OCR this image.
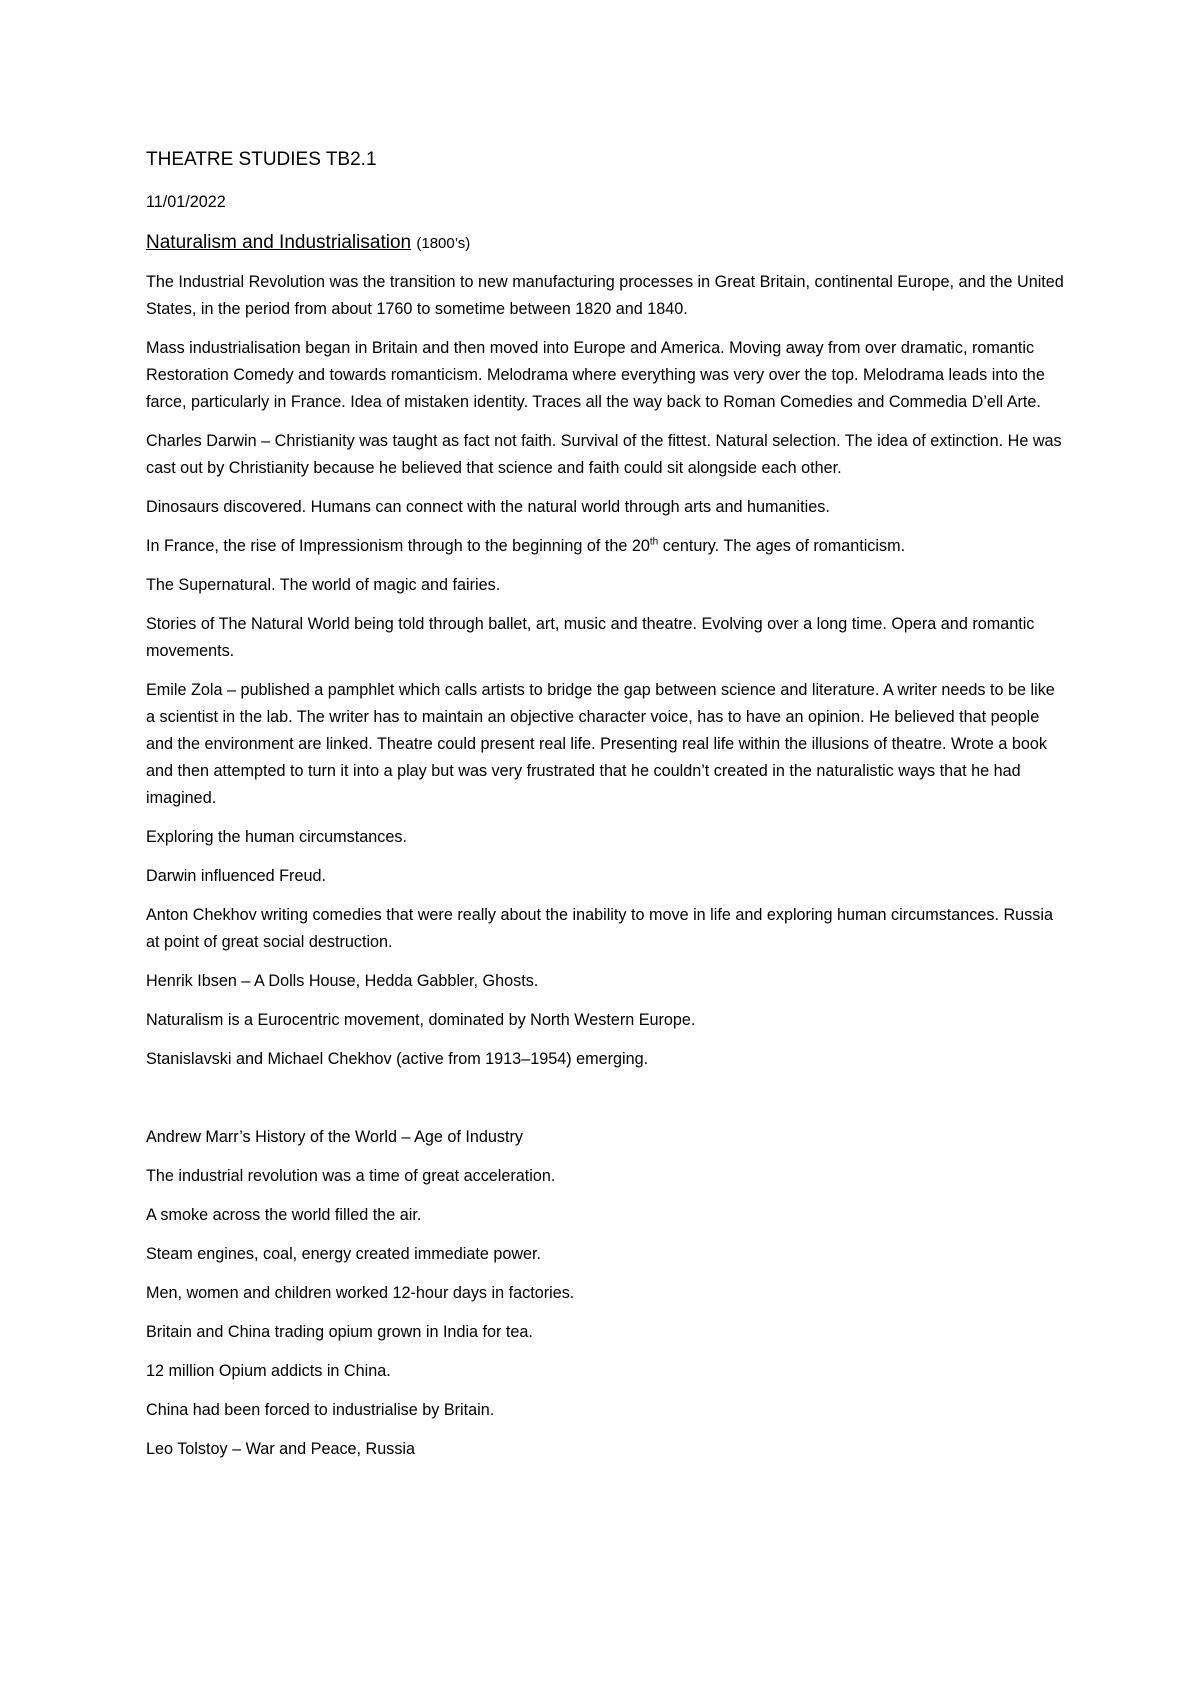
THEATRE STUDIES TB2.1
11/01/2022
Naturalism and Industrialisation (1800’s)

The Industrial Revolution was the transition to new manufacturing processes in Great Britain, continental Europe, and the United States, in the period from about 1760 to sometime between 1820 and 1840.

Mass industrialisation began in Britain and then moved into Europe and America. Moving away from over dramatic, romantic Restoration Comedy and towards romanticism. Melodrama where everything was very over the top. Melodrama leads into the farce, particularly in France. Idea of mistaken identity. Traces all the way back to Roman Comedies and Commedia D’ell Arte.

Charles Darwin – Christianity was taught as fact not faith. Survival of the fittest. Natural selection. The idea of extinction. He was cast out by Christianity because he believed that science and faith could sit alongside each other.

Dinosaurs discovered. Humans can connect with the natural world through arts and humanities.

In France, the rise of Impressionism through to the beginning of the 20th century. The ages of romanticism.

The Supernatural. The world of magic and fairies.

Stories of The Natural World being told through ballet, art, music and theatre. Evolving over a long time. Opera and romantic movements.

Emile Zola – published a pamphlet which calls artists to bridge the gap between science and literature. A writer needs to be like a scientist in the lab. The writer has to maintain an objective character voice, has to have an opinion. He believed that people and the environment are linked. Theatre could present real life. Presenting real life within the illusions of theatre. Wrote a book and then attempted to turn it into a play but was very frustrated that he couldn’t created in the naturalistic ways that he had imagined.

Exploring the human circumstances.

Darwin influenced Freud.

Anton Chekhov writing comedies that were really about the inability to move in life and exploring human circumstances. Russia at point of great social destruction.

Henrik Ibsen – A Dolls House, Hedda Gabbler, Ghosts.

Naturalism is a Eurocentric movement, dominated by North Western Europe.

Stanislavski and Michael Chekhov (active from 1913–1954) emerging.

Andrew Marr’s History of the World – Age of Industry

The industrial revolution was a time of great acceleration.

A smoke across the world filled the air.

Steam engines, coal, energy created immediate power.

Men, women and children worked 12-hour days in factories.

Britain and China trading opium grown in India for tea.

12 million Opium addicts in China.

China had been forced to industrialise by Britain.

Leo Tolstoy – War and Peace, Russia
